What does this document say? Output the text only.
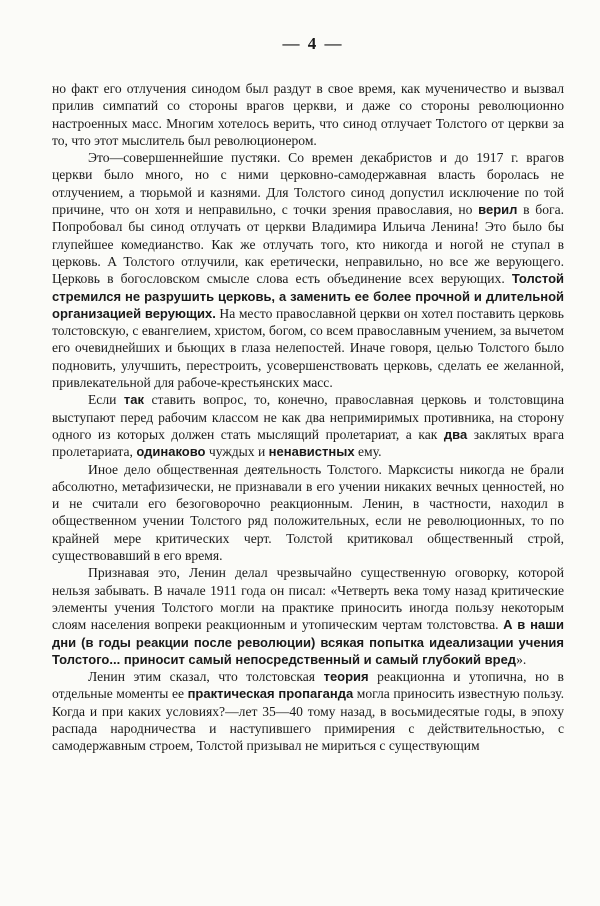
— 4 —

но факт его отлучения синодом был раздут в свое время, как мученичество и вызвал прилив симпатий со стороны врагов церкви, и даже со стороны революционно настроенных масс. Многим хотелось верить, что синод отлучает Толстого от церкви за то, что этот мыслитель был революционером.

Это—совершеннейшие пустяки. Со времен декабристов и до 1917 г. врагов церкви было много, но с ними церковно-самодержавная власть боролась не отлучением, а тюрьмой и казнями. Для Толстого синод допустил исключение по той причине, что он хотя и неправильно, с точки зрения православия, но верил в бога. Попробовал бы синод отлучать от церкви Владимира Ильича Ленина! Это было бы глупейшее комедианство. Как же отлучать того, кто никогда и ногой не ступал в церковь. А Толстого отлучили, как еретически, неправильно, но все же верующего. Церковь в богословском смысле слова есть объединение всех верующих. Толстой стремился не разрушить церковь, а заменить ее более прочной и длительной организацией верующих. На место православной церкви он хотел поставить церковь толстовскую, с евангелием, христом, богом, со всем православным учением, за вычетом его очевиднейших и бьющих в глаза нелепостей. Иначе говоря, целью Толстого было подновить, улучшить, перестроить, усовершенствовать церковь, сделать ее желанной, привлекательной для рабоче-крестьянских масс.

Если так ставить вопрос, то, конечно, православная церковь и толстовщина выступают перед рабочим классом не как два непримиримых противника, на сторону одного из которых должен стать мыслящий пролетариат, а как два заклятых врага пролетариата, одинаково чуждых и ненавистных ему.

Иное дело общественная деятельность Толстого. Марксисты никогда не брали абсолютно, метафизически, не признавали в его учении никаких вечных ценностей, но и не считали его безоговорочно реакционным. Ленин, в частности, находил в общественном учении Толстого ряд положительных, если не революционных, то по крайней мере критических черт. Толстой критиковал общественный строй, существовавший в его время.

Признавая это, Ленин делал чрезвычайно существенную оговорку, которой нельзя забывать. В начале 1911 года он писал: «Четверть века тому назад критические элементы учения Толстого могли на практике приносить иногда пользу некоторым слоям населения вопреки реакционным и утопическим чертам толстовства. А в наши дни (в годы реакции после революции) всякая попытка идеализации учения Толстого... приносит самый непосредственный и самый глубокий вред».

Ленин этим сказал, что толстовская теория реакционна и утопична, но в отдельные моменты ее практическая пропаганда могла приносить известную пользу. Когда и при каких условиях?—лет 35—40 тому назад, в восьмидесятые годы, в эпоху распада народничества и наступившего примирения с действительностью, с самодержавным строем, Толстой призывал не мириться с существующим
